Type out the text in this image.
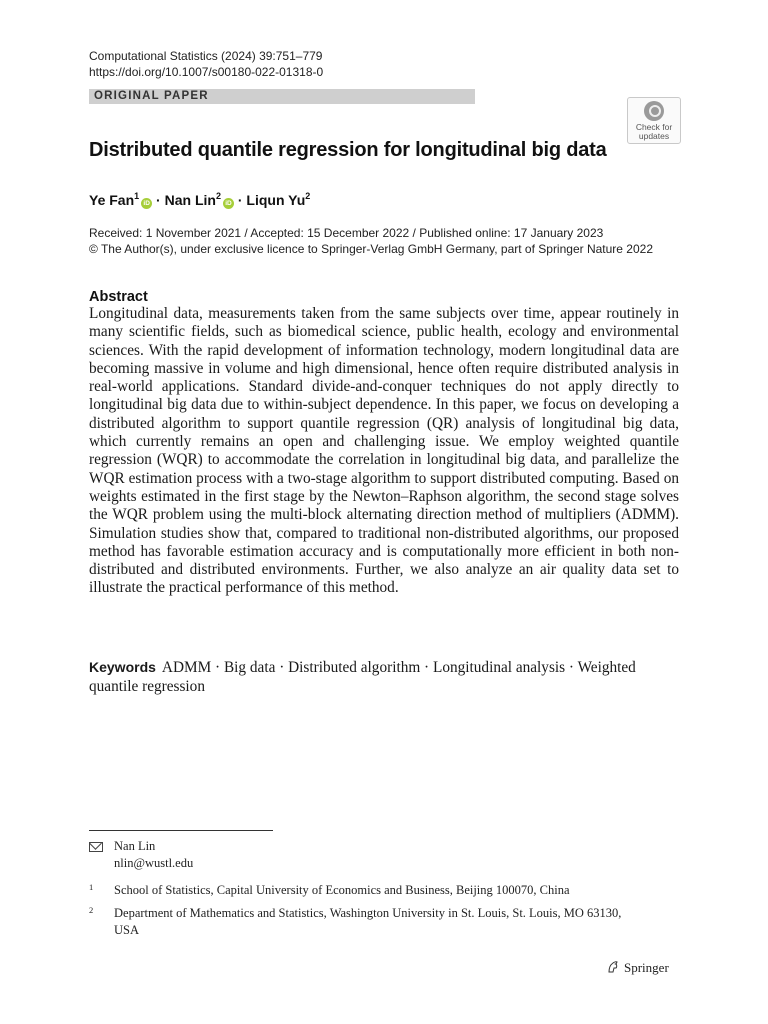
Computational Statistics (2024) 39:751–779
https://doi.org/10.1007/s00180-022-01318-0
ORIGINAL PAPER
Check for
updates
Distributed quantile regression for longitudinal big data
Ye Fan$^1$iD · Nan Lin$^2$iD · Liqun Yu$^2$
Received: 1 November 2021 / Accepted: 15 December 2022 / Published online: 17 January 2023
© The Author(s), under exclusive licence to Springer-Verlag GmbH Germany, part of Springer Nature 2022
Abstract

Longitudinal data, measurements taken from the same subjects over time, appear routinely in many scientific fields, such as biomedical science, public health, ecology and environmental sciences. With the rapid development of information technology, modern longitudinal data are becoming massive in volume and high dimensional, hence often require distributed analysis in real-world applications. Standard divide-and-conquer techniques do not apply directly to longitudinal big data due to within-subject dependence. In this paper, we focus on developing a distributed algorithm to support quantile regression (QR) analysis of longitudinal big data, which currently remains an open and challenging issue. We employ weighted quantile regression (WQR) to accommodate the correlation in longitudinal big data, and parallelize the WQR estimation process with a two-stage algorithm to support distributed computing. Based on weights estimated in the first stage by the Newton–Raphson algorithm, the second stage solves the WQR problem using the multi-block alternating direction method of multipliers (ADMM). Simulation studies show that, compared to traditional non-distributed algorithms, our proposed method has favorable estimation accuracy and is computationally more efficient in both non-distributed and distributed environments. Further, we also analyze an air quality data set to illustrate the practical performance of this method.

Keywords ADMM · Big data · Distributed algorithm · Longitudinal analysis · Weighted quantile regression
Nan Lin
nlin@wustl.edu
1 School of Statistics, Capital University of Economics and Business, Beijing 100070, China
2 Department of Mathematics and Statistics, Washington University in St. Louis, St. Louis, MO 63130, USA
Springer
